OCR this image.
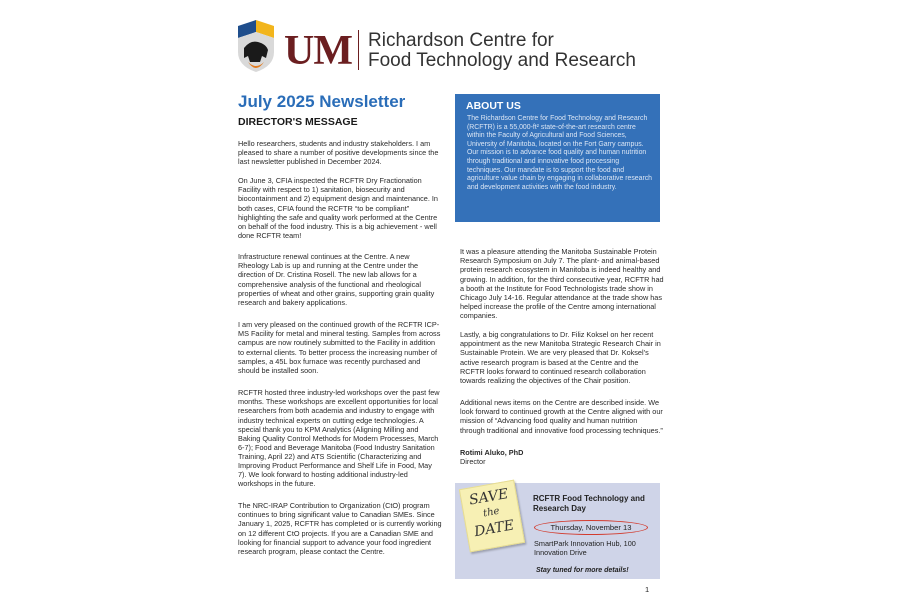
UM Richardson Centre for
Food Technology and Research
July 2025 Newsletter
DIRECTOR'S MESSAGE

Hello researchers, students and industry stakeholders. I am pleased to share a number of positive developments since the last newsletter published in December 2024.

On June 3, CFIA inspected the RCFTR Dry Fractionation Facility with respect to 1) sanitation, biosecurity and biocontainment and 2) equipment design and maintenance. In both cases, CFIA found the RCFTR “to be compliant” highlighting the safe and quality work performed at the Centre on behalf of the food industry. This is a big achievement - well done RCFTR team!

Infrastructure renewal continues at the Centre. A new Rheology Lab is up and running at the Centre under the direction of Dr. Cristina Rosell. The new lab allows for a comprehensive analysis of the functional and rheological properties of wheat and other grains, supporting grain quality research and bakery applications.

I am very pleased on the continued growth of the RCFTR ICP-MS Facility for metal and mineral testing. Samples from across campus are now routinely submitted to the Facility in addition to external clients. To better process the increasing number of samples, a 45L box furnace was recently purchased and should be installed soon.

RCFTR hosted three industry-led workshops over the past few months. These workshops are excellent opportunities for local researchers from both academia and industry to engage with industry technical experts on cutting edge technologies. A special thank you to KPM Analytics (Aligning Milling and Baking Quality Control Methods for Modern Processes, March 6-7); Food and Beverage Manitoba (Food Industry Sanitation Training, April 22) and ATS Scientific (Characterizing and Improving Product Performance and Shelf Life in Food, May 7). We look forward to hosting additional industry-led workshops in the future.

The NRC-IRAP Contribution to Organization (CtO) program continues to bring significant value to Canadian SMEs. Since January 1, 2025, RCFTR has completed or is currently working on 12 different CtO projects. If you are a Canadian SME and looking for financial support to advance your food ingredient research program, please contact the Centre.

ABOUT US

The Richardson Centre for Food Technology and Research (RCFTR) is a 55,000-ft² state-of-the-art research centre within the Faculty of Agricultural and Food Sciences, University of Manitoba, located on the Fort Garry campus. Our mission is to advance food quality and human nutrition through traditional and innovative food processing techniques. Our mandate is to support the food and agriculture value chain by engaging in collaborative research and development activities with the food industry.

It was a pleasure attending the Manitoba Sustainable Protein Research Symposium on July 7. The plant- and animal-based protein research ecosystem in Manitoba is indeed healthy and growing. In addition, for the third consecutive year, RCFTR had a booth at the Institute for Food Technologists trade show in Chicago July 14-16. Regular attendance at the trade show has helped increase the profile of the Centre among international companies.

Lastly, a big congratulations to Dr. Filiz Koksel on her recent appointment as the new Manitoba Strategic Research Chair in Sustainable Protein. We are very pleased that Dr. Koksel’s active research program is based at the Centre and the RCFTR looks forward to continued research collaboration towards realizing the objectives of the Chair position.

Additional news items on the Centre are described inside. We look forward to continued growth at the Centre aligned with our mission of “Advancing food quality and human nutrition through traditional and innovative food processing techniques.”

Rotimi Aluko, PhD
Director
SAVE
the
DATE
RCFTR Food Technology and Research Day
Thursday, November 13
SmartPark Innovation Hub, 100 Innovation Drive
Stay tuned for more details!
1
